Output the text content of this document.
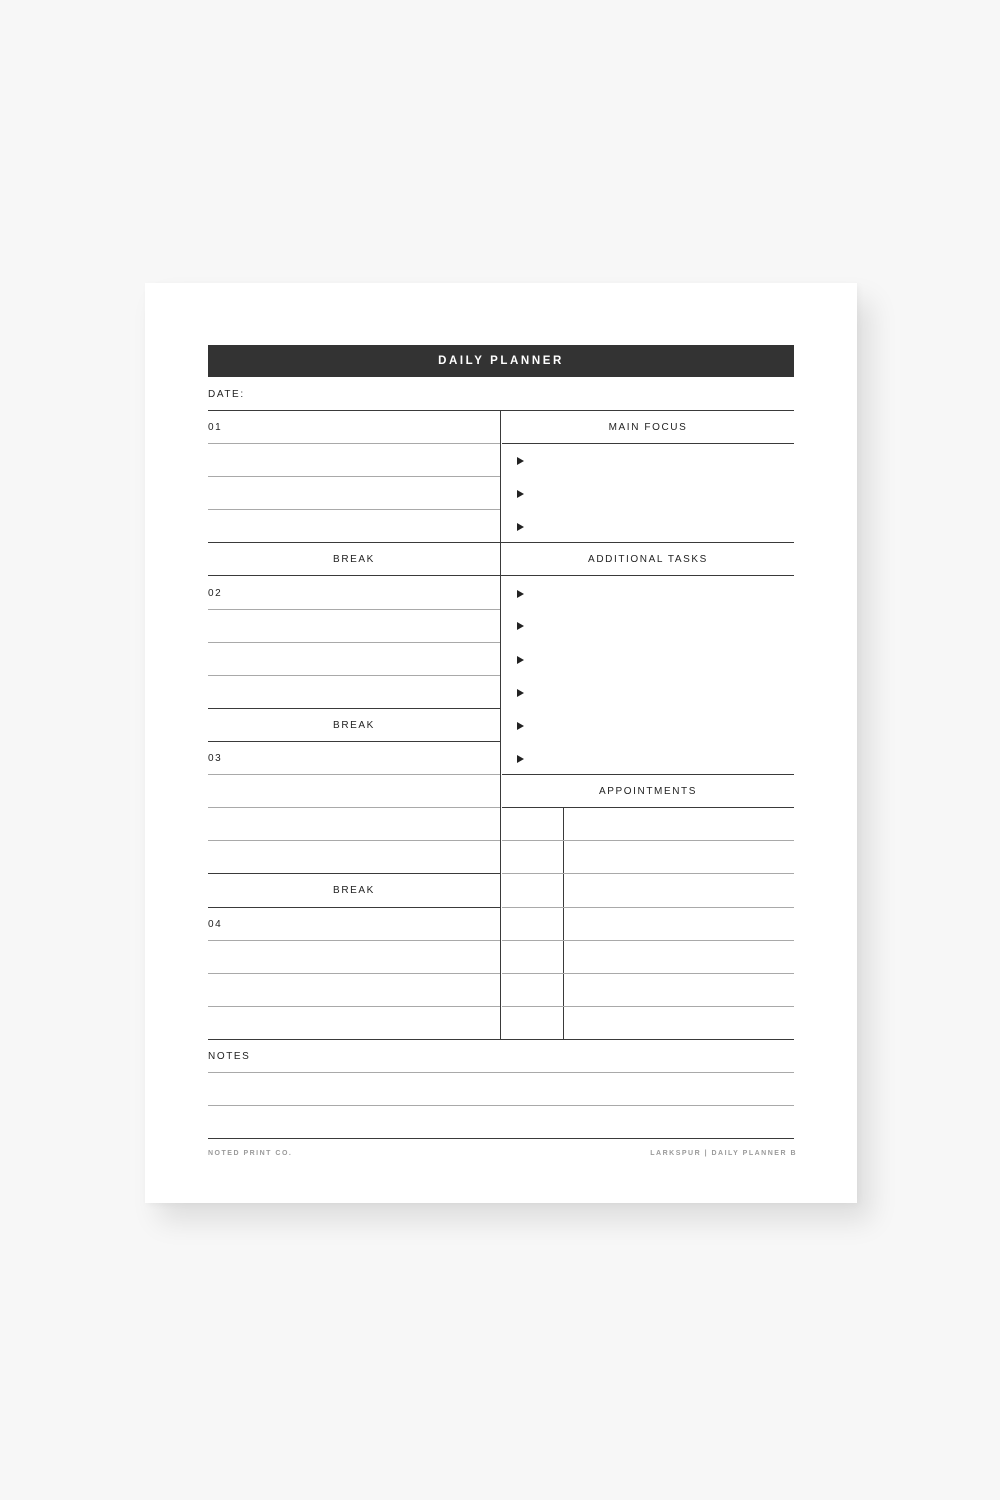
DAILY PLANNER
DATE:
01
BREAK
02
BREAK
03
BREAK
04
MAIN FOCUS
ADDITIONAL TASKS
APPOINTMENTS
NOTES
NOTED PRINT CO.	LARKSPUR | DAILY PLANNER B
